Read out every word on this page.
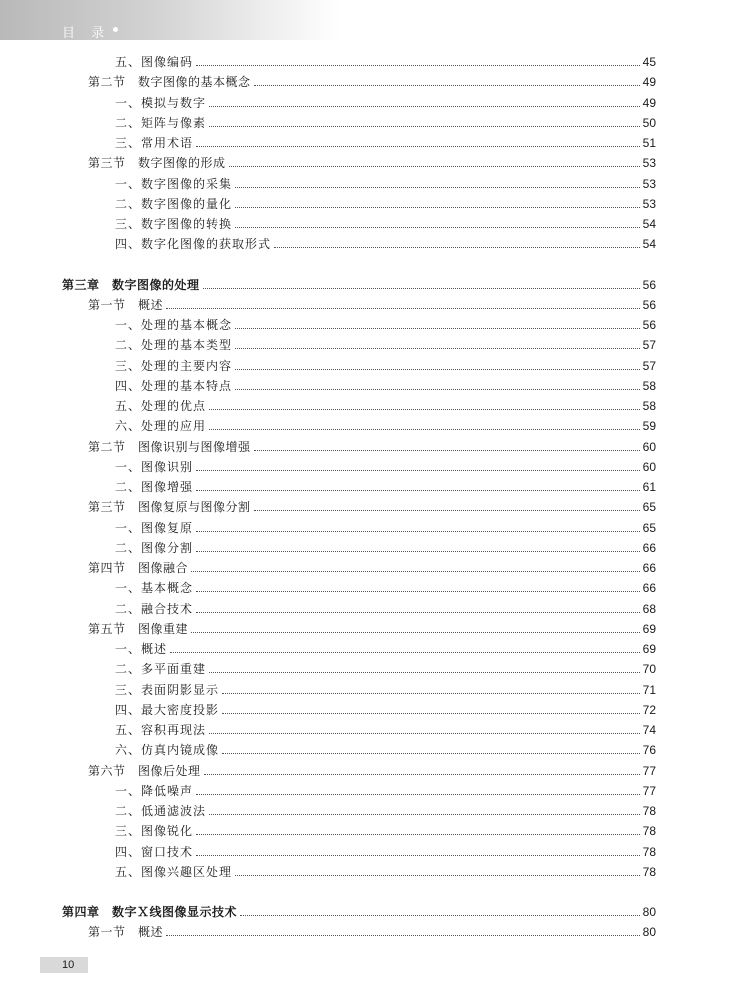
目 录
五、图像编码	45
第二节　数字图像的基本概念	49
一、模拟与数字	49
二、矩阵与像素	50
三、常用术语	51
第三节　数字图像的形成	53
一、数字图像的采集	53
二、数字图像的量化	53
三、数字图像的转换	54
四、数字化图像的获取形式	54
第三章　数字图像的处理	56
第一节　概述	56
一、处理的基本概念	56
二、处理的基本类型	57
三、处理的主要内容	57
四、处理的基本特点	58
五、处理的优点	58
六、处理的应用	59
第二节　图像识别与图像增强	60
一、图像识别	60
二、图像增强	61
第三节　图像复原与图像分割	65
一、图像复原	65
二、图像分割	66
第四节　图像融合	66
一、基本概念	66
二、融合技术	68
第五节　图像重建	69
一、概述	69
二、多平面重建	70
三、表面阴影显示	71
四、最大密度投影	72
五、容积再现法	74
六、仿真内镜成像	76
第六节　图像后处理	77
一、降低噪声	77
二、低通滤波法	78
三、图像锐化	78
四、窗口技术	78
五、图像兴趣区处理	78
第四章　数字Ｘ线图像显示技术	80
第一节　概述	80
10
